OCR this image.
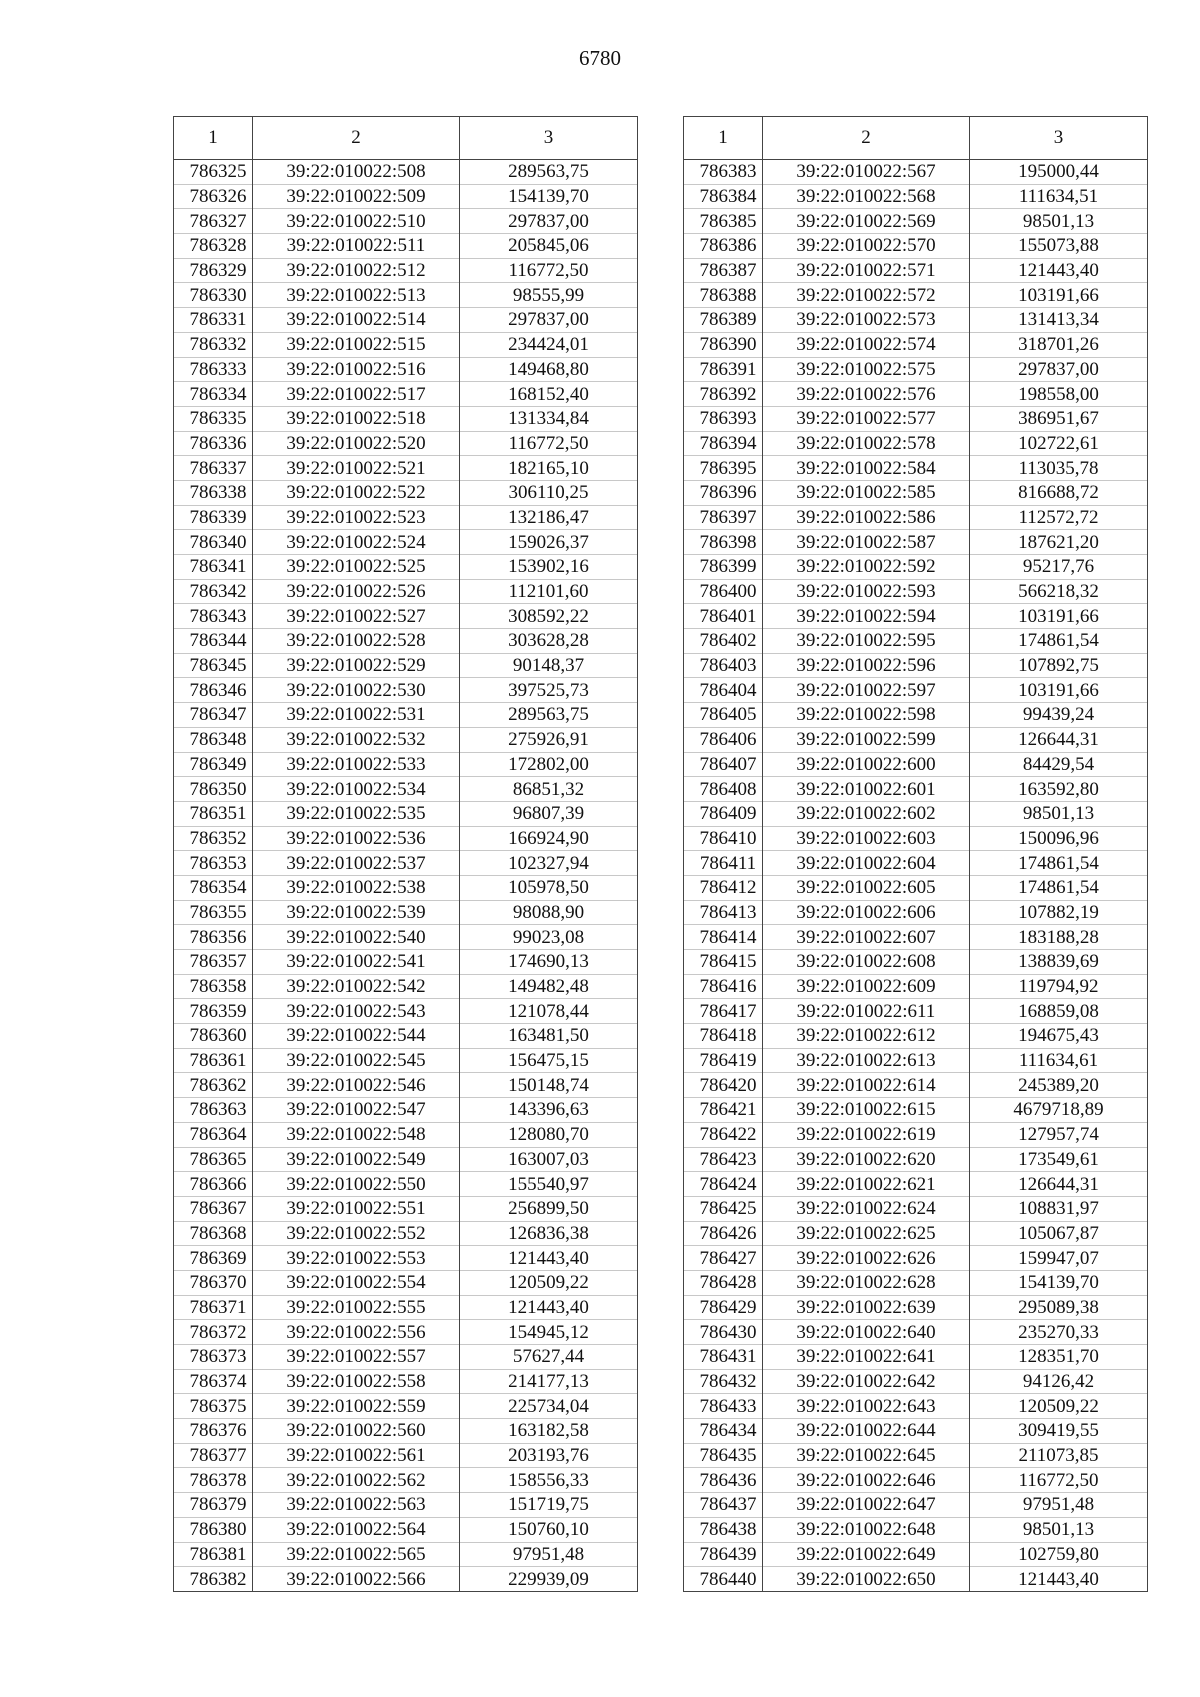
6780
1	2	3
786325	39:22:010022:508	289563,75
786326	39:22:010022:509	154139,70
786327	39:22:010022:510	297837,00
786328	39:22:010022:511	205845,06
786329	39:22:010022:512	116772,50
786330	39:22:010022:513	98555,99
786331	39:22:010022:514	297837,00
786332	39:22:010022:515	234424,01
786333	39:22:010022:516	149468,80
786334	39:22:010022:517	168152,40
786335	39:22:010022:518	131334,84
786336	39:22:010022:520	116772,50
786337	39:22:010022:521	182165,10
786338	39:22:010022:522	306110,25
786339	39:22:010022:523	132186,47
786340	39:22:010022:524	159026,37
786341	39:22:010022:525	153902,16
786342	39:22:010022:526	112101,60
786343	39:22:010022:527	308592,22
786344	39:22:010022:528	303628,28
786345	39:22:010022:529	90148,37
786346	39:22:010022:530	397525,73
786347	39:22:010022:531	289563,75
786348	39:22:010022:532	275926,91
786349	39:22:010022:533	172802,00
786350	39:22:010022:534	86851,32
786351	39:22:010022:535	96807,39
786352	39:22:010022:536	166924,90
786353	39:22:010022:537	102327,94
786354	39:22:010022:538	105978,50
786355	39:22:010022:539	98088,90
786356	39:22:010022:540	99023,08
786357	39:22:010022:541	174690,13
786358	39:22:010022:542	149482,48
786359	39:22:010022:543	121078,44
786360	39:22:010022:544	163481,50
786361	39:22:010022:545	156475,15
786362	39:22:010022:546	150148,74
786363	39:22:010022:547	143396,63
786364	39:22:010022:548	128080,70
786365	39:22:010022:549	163007,03
786366	39:22:010022:550	155540,97
786367	39:22:010022:551	256899,50
786368	39:22:010022:552	126836,38
786369	39:22:010022:553	121443,40
786370	39:22:010022:554	120509,22
786371	39:22:010022:555	121443,40
786372	39:22:010022:556	154945,12
786373	39:22:010022:557	57627,44
786374	39:22:010022:558	214177,13
786375	39:22:010022:559	225734,04
786376	39:22:010022:560	163182,58
786377	39:22:010022:561	203193,76
786378	39:22:010022:562	158556,33
786379	39:22:010022:563	151719,75
786380	39:22:010022:564	150760,10
786381	39:22:010022:565	97951,48
786382	39:22:010022:566	229939,09
1	2	3
786383	39:22:010022:567	195000,44
786384	39:22:010022:568	111634,51
786385	39:22:010022:569	98501,13
786386	39:22:010022:570	155073,88
786387	39:22:010022:571	121443,40
786388	39:22:010022:572	103191,66
786389	39:22:010022:573	131413,34
786390	39:22:010022:574	318701,26
786391	39:22:010022:575	297837,00
786392	39:22:010022:576	198558,00
786393	39:22:010022:577	386951,67
786394	39:22:010022:578	102722,61
786395	39:22:010022:584	113035,78
786396	39:22:010022:585	816688,72
786397	39:22:010022:586	112572,72
786398	39:22:010022:587	187621,20
786399	39:22:010022:592	95217,76
786400	39:22:010022:593	566218,32
786401	39:22:010022:594	103191,66
786402	39:22:010022:595	174861,54
786403	39:22:010022:596	107892,75
786404	39:22:010022:597	103191,66
786405	39:22:010022:598	99439,24
786406	39:22:010022:599	126644,31
786407	39:22:010022:600	84429,54
786408	39:22:010022:601	163592,80
786409	39:22:010022:602	98501,13
786410	39:22:010022:603	150096,96
786411	39:22:010022:604	174861,54
786412	39:22:010022:605	174861,54
786413	39:22:010022:606	107882,19
786414	39:22:010022:607	183188,28
786415	39:22:010022:608	138839,69
786416	39:22:010022:609	119794,92
786417	39:22:010022:611	168859,08
786418	39:22:010022:612	194675,43
786419	39:22:010022:613	111634,61
786420	39:22:010022:614	245389,20
786421	39:22:010022:615	4679718,89
786422	39:22:010022:619	127957,74
786423	39:22:010022:620	173549,61
786424	39:22:010022:621	126644,31
786425	39:22:010022:624	108831,97
786426	39:22:010022:625	105067,87
786427	39:22:010022:626	159947,07
786428	39:22:010022:628	154139,70
786429	39:22:010022:639	295089,38
786430	39:22:010022:640	235270,33
786431	39:22:010022:641	128351,70
786432	39:22:010022:642	94126,42
786433	39:22:010022:643	120509,22
786434	39:22:010022:644	309419,55
786435	39:22:010022:645	211073,85
786436	39:22:010022:646	116772,50
786437	39:22:010022:647	97951,48
786438	39:22:010022:648	98501,13
786439	39:22:010022:649	102759,80
786440	39:22:010022:650	121443,40
